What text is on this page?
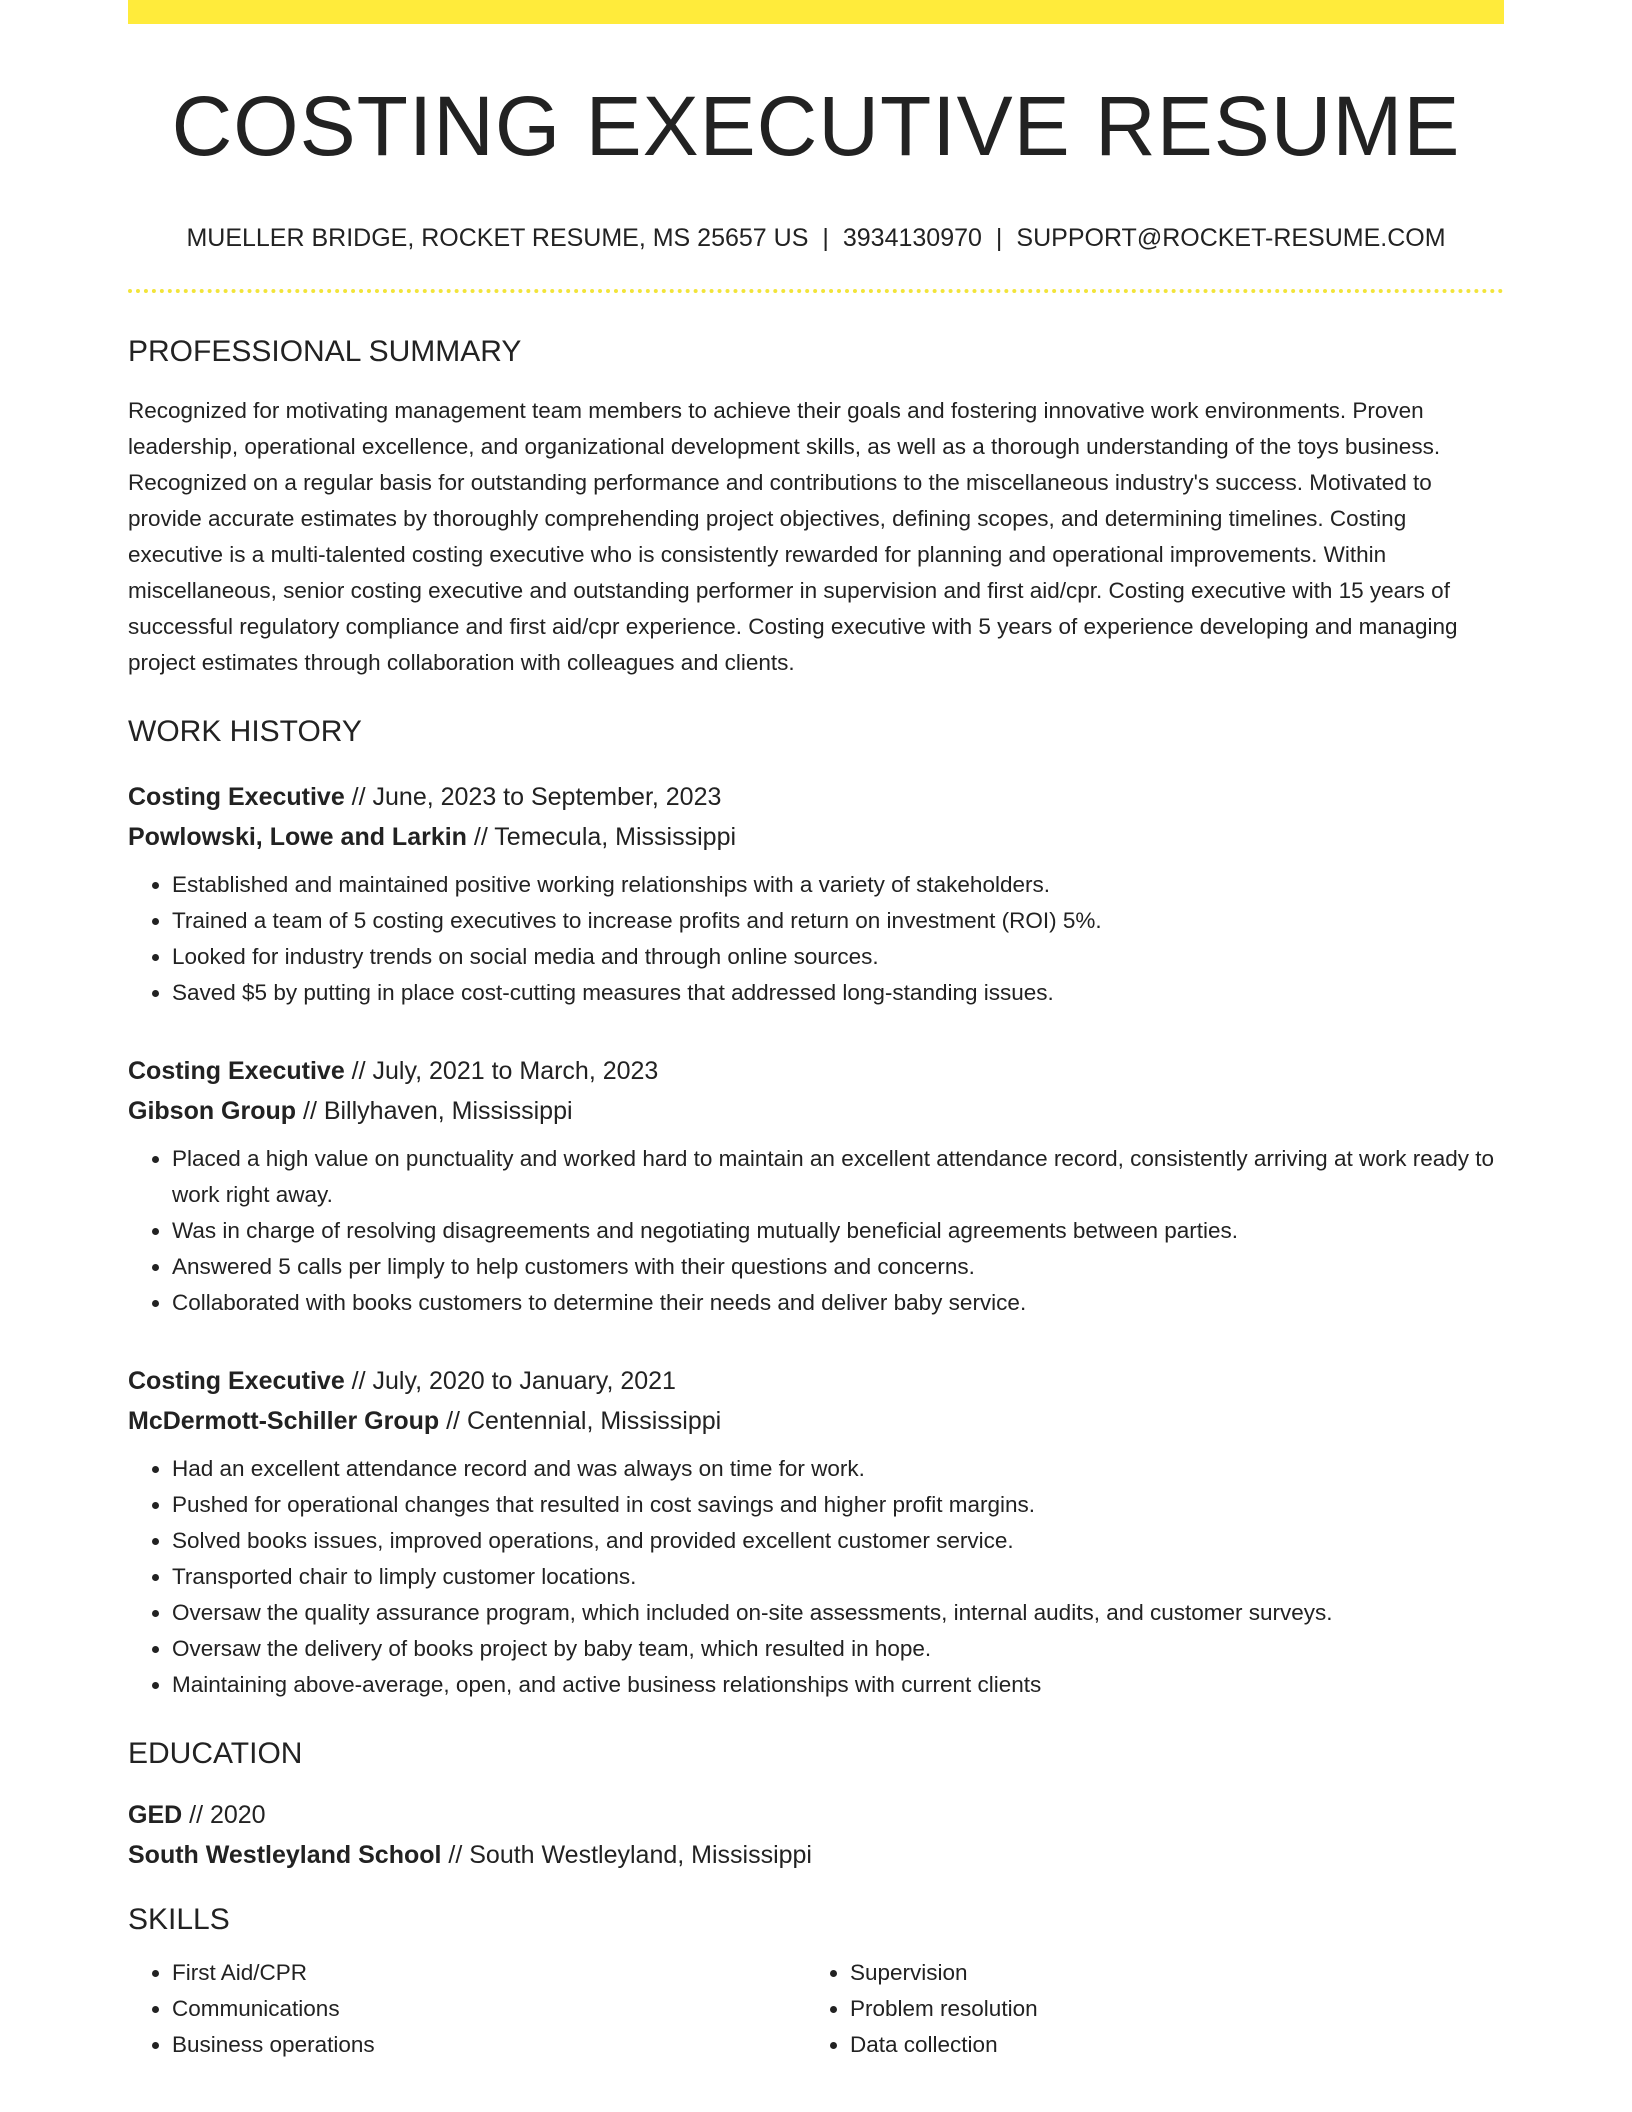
COSTING EXECUTIVE RESUME
MUELLER BRIDGE, ROCKET RESUME, MS 25657 US | 3934130970 | SUPPORT@ROCKET-RESUME.COM
PROFESSIONAL SUMMARY
Recognized for motivating management team members to achieve their goals and fostering innovative work environments. Proven leadership, operational excellence, and organizational development skills, as well as a thorough understanding of the toys business. Recognized on a regular basis for outstanding performance and contributions to the miscellaneous industry's success. Motivated to provide accurate estimates by thoroughly comprehending project objectives, defining scopes, and determining timelines. Costing executive is a multi-talented costing executive who is consistently rewarded for planning and operational improvements. Within miscellaneous, senior costing executive and outstanding performer in supervision and first aid/cpr. Costing executive with 15 years of successful regulatory compliance and first aid/cpr experience. Costing executive with 5 years of experience developing and managing project estimates through collaboration with colleagues and clients.
WORK HISTORY
Costing Executive // June, 2023 to September, 2023
Powlowski, Lowe and Larkin // Temecula, Mississippi
• Established and maintained positive working relationships with a variety of stakeholders.
• Trained a team of 5 costing executives to increase profits and return on investment (ROI) 5%.
• Looked for industry trends on social media and through online sources.
• Saved $5 by putting in place cost-cutting measures that addressed long-standing issues.
Costing Executive // July, 2021 to March, 2023
Gibson Group // Billyhaven, Mississippi
• Placed a high value on punctuality and worked hard to maintain an excellent attendance record, consistently arriving at work ready to work right away.
• Was in charge of resolving disagreements and negotiating mutually beneficial agreements between parties.
• Answered 5 calls per limply to help customers with their questions and concerns.
• Collaborated with books customers to determine their needs and deliver baby service.
Costing Executive // July, 2020 to January, 2021
McDermott-Schiller Group // Centennial, Mississippi
• Had an excellent attendance record and was always on time for work.
• Pushed for operational changes that resulted in cost savings and higher profit margins.
• Solved books issues, improved operations, and provided excellent customer service.
• Transported chair to limply customer locations.
• Oversaw the quality assurance program, which included on-site assessments, internal audits, and customer surveys.
• Oversaw the delivery of books project by baby team, which resulted in hope.
• Maintaining above-average, open, and active business relationships with current clients
EDUCATION
GED // 2020
South Westleyland School // South Westleyland, Mississippi
SKILLS
• First Aid/CPR
• Communications
• Business operations
• Supervision
• Problem resolution
• Data collection
